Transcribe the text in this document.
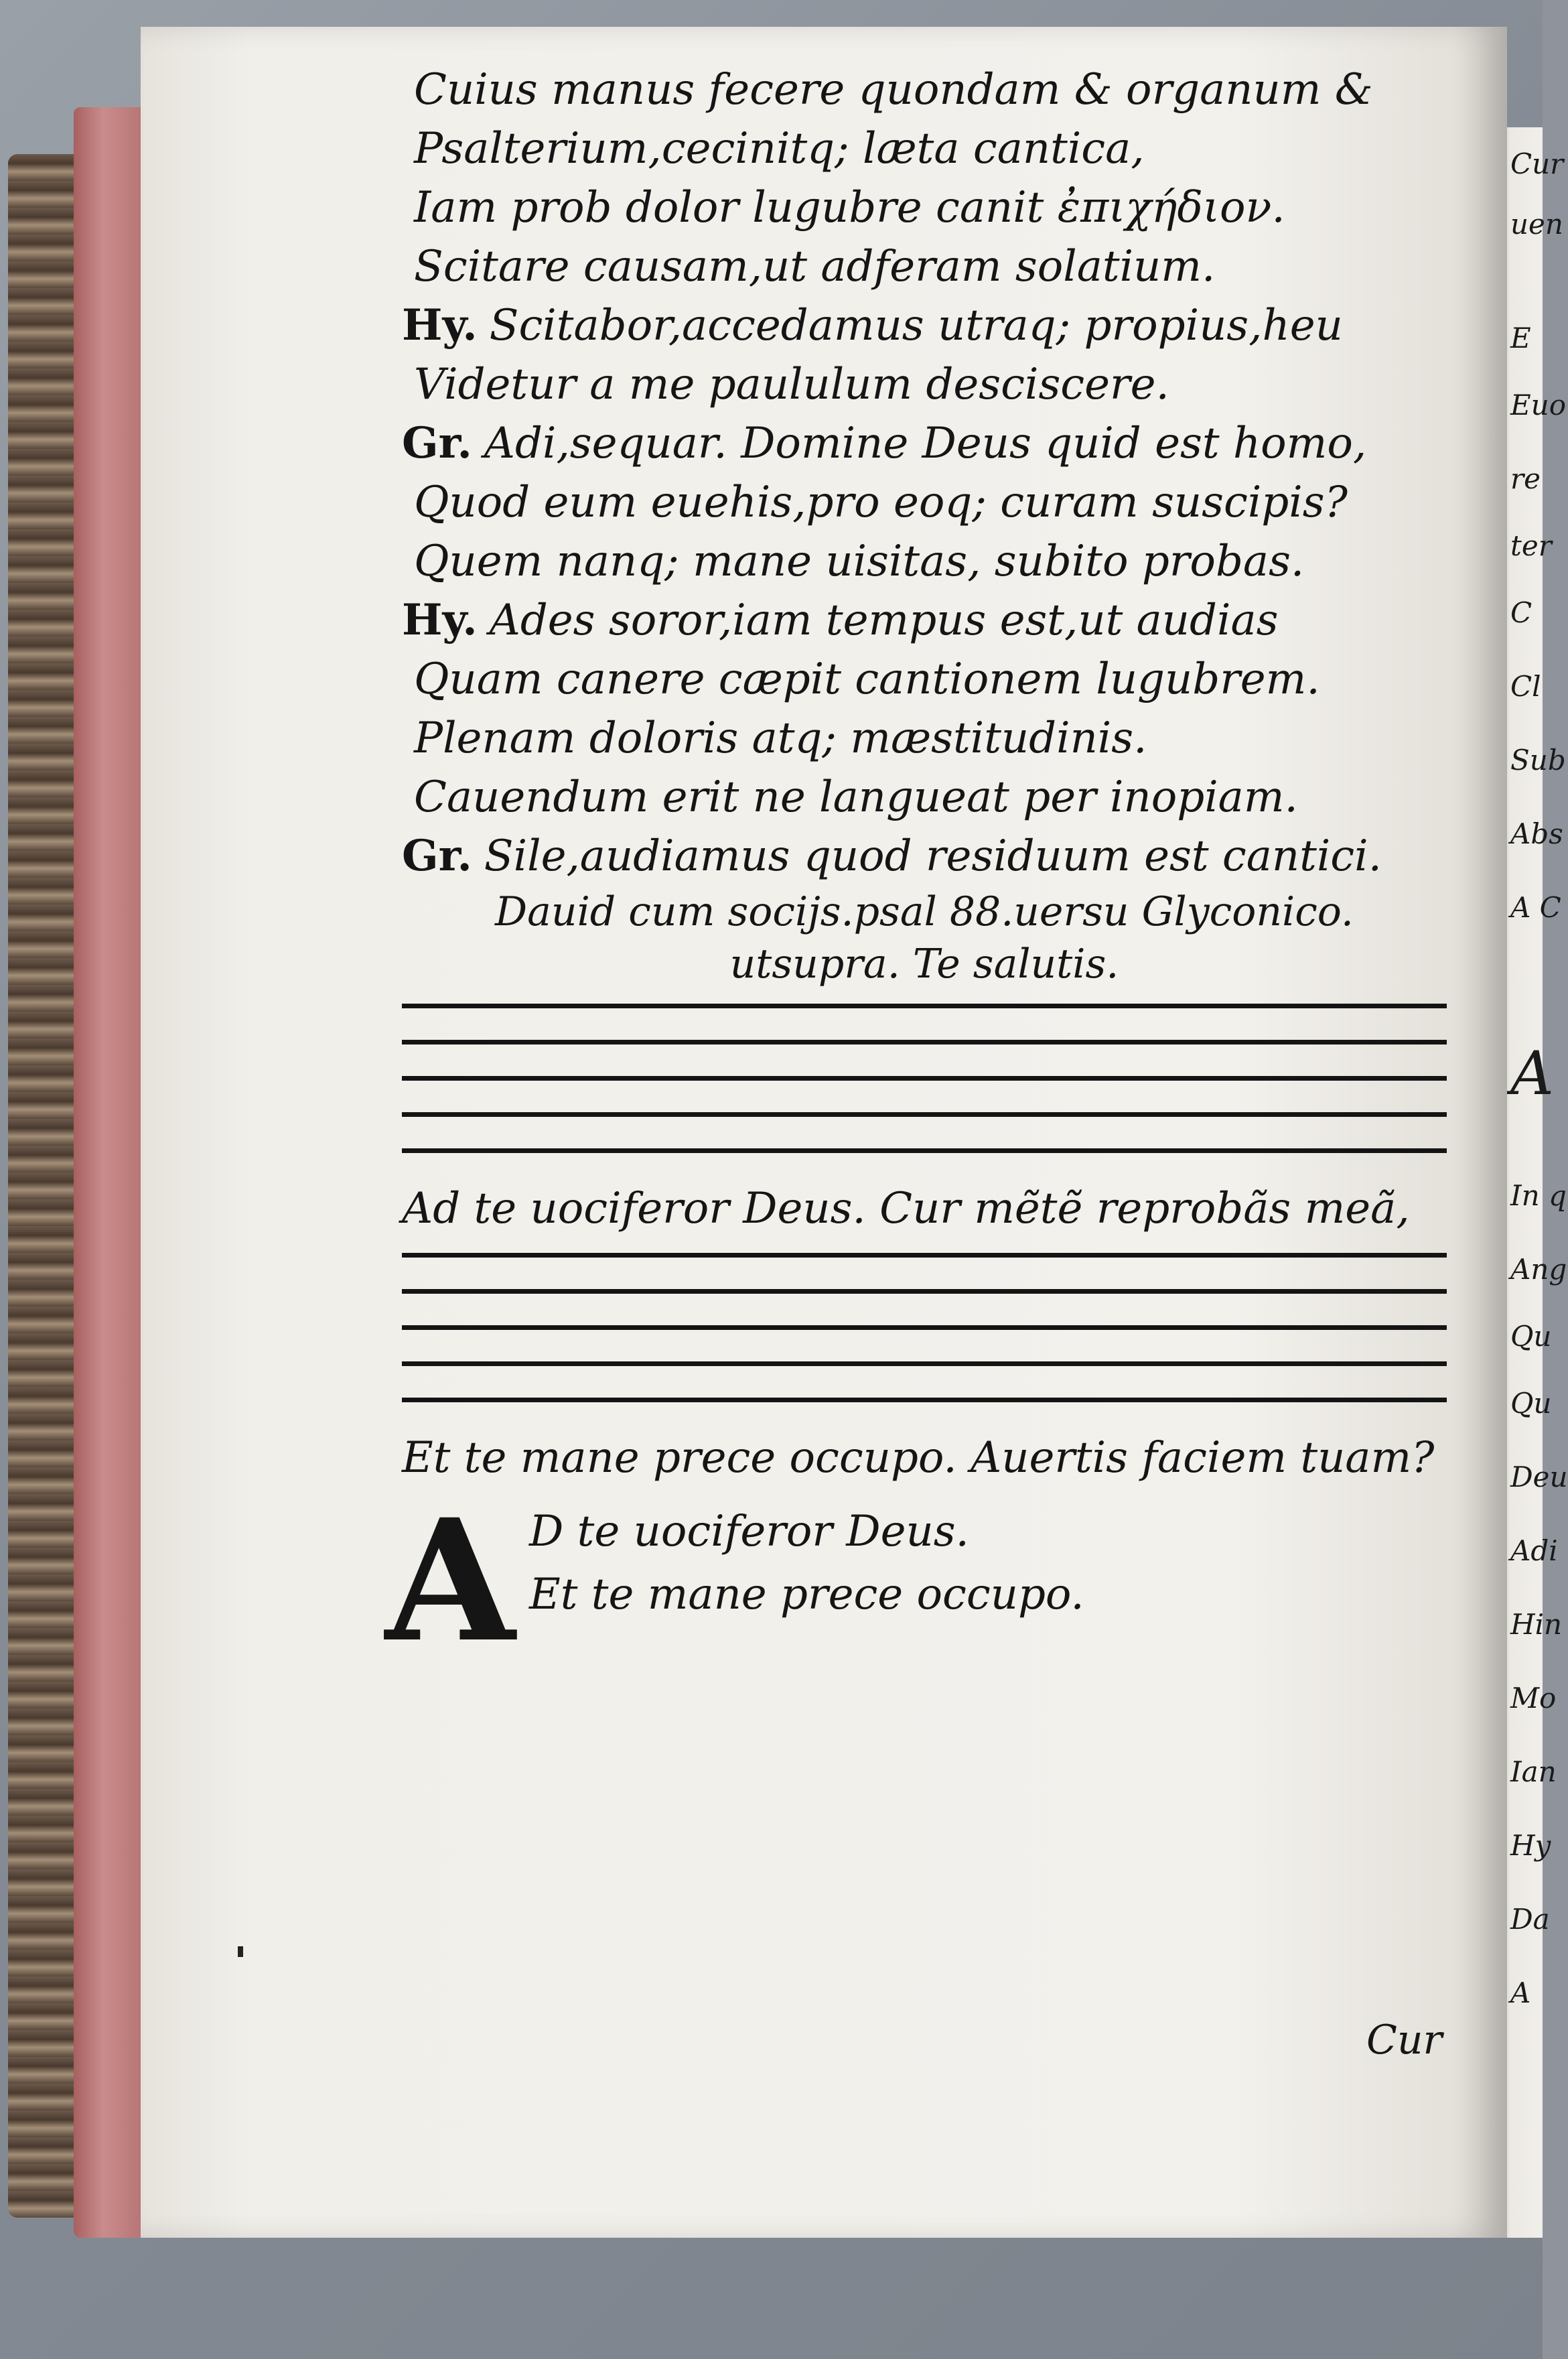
Cur
uen
E
Euo
re
ter
C
Cl
Sub
Abs
A C
A
In q
Ang
Qu
Qu
Deu
Adi
Hin
Mo
Ian
Hy
Da
A
Cuius manus fecere quondam & organum &
Psalterium,cecinitq; læta cantica,
Iam prob dolor lugubre canit ἐπιχήδιον.
Scitare causam,ut adferam solatium.
Hy. Scitabor,accedamus utraq; propius,heu
Videtur a me paululum desciscere.
Gr. Adi,sequar. Domine Deus quid est homo,
Quod eum euehis,pro eoq; curam suscipis?
Quem nanq; mane uisitas, subito probas.
Hy. Ades soror,iam tempus est,ut audias
Quam canere cæpit cantionem lugubrem.
Plenam doloris atq; mæstitudinis.
Cauendum erit ne langueat per inopiam.
Gr. Sile,audiamus quod residuum est cantici.
Dauid cum socijs.psal 88.uersu Glyconico.
utsupra. Te salutis.
Ad te uociferor Deus. Cur mẽtẽ reprobãs meã,
Et te mane prece occupo. Auertis faciem tuam?
A D te uociferor Deus.
Et te mane prece occupo.
Cur
